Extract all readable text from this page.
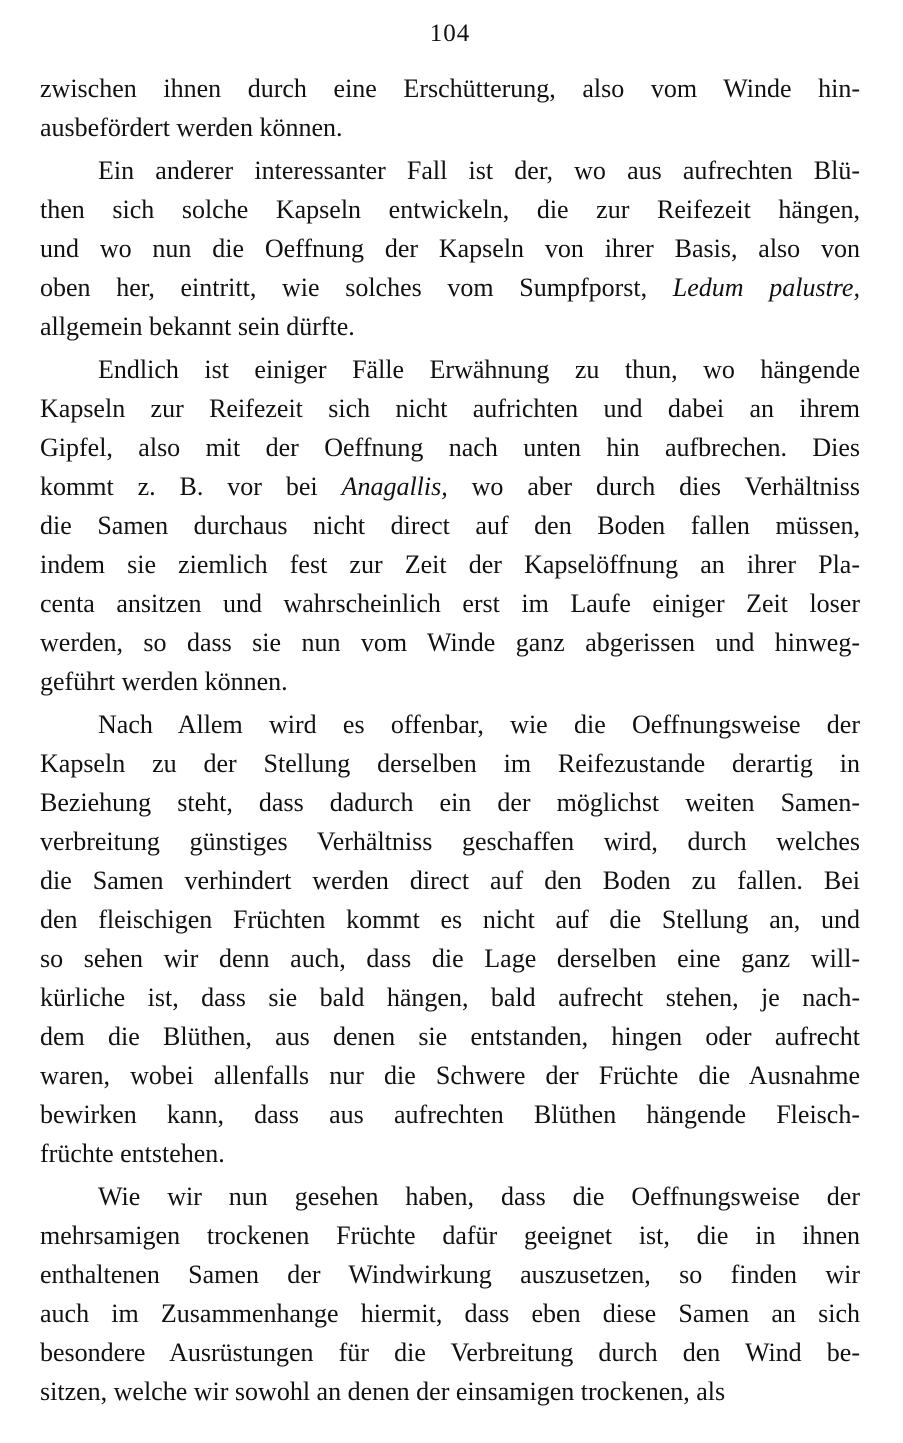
104
zwischen ihnen durch eine Erschütterung, also vom Winde hin-
ausbefördert werden können.
Ein anderer interessanter Fall ist der, wo aus aufrechten Blü-
then sich solche Kapseln entwickeln, die zur Reifezeit hängen,
und wo nun die Oeffnung der Kapseln von ihrer Basis, also von
oben her, eintritt, wie solches vom Sumpfporst, Ledum palustre,
allgemein bekannt sein dürfte.
Endlich ist einiger Fälle Erwähnung zu thun, wo hängende
Kapseln zur Reifezeit sich nicht aufrichten und dabei an ihrem
Gipfel, also mit der Oeffnung nach unten hin aufbrechen. Dies
kommt z. B. vor bei Anagallis, wo aber durch dies Verhältniss
die Samen durchaus nicht direct auf den Boden fallen müssen,
indem sie ziemlich fest zur Zeit der Kapselöffnung an ihrer Pla-
centa ansitzen und wahrscheinlich erst im Laufe einiger Zeit loser
werden, so dass sie nun vom Winde ganz abgerissen und hinweg-
geführt werden können.
Nach Allem wird es offenbar, wie die Oeffnungsweise der
Kapseln zu der Stellung derselben im Reifezustande derartig in
Beziehung steht, dass dadurch ein der möglichst weiten Samen-
verbreitung günstiges Verhältniss geschaffen wird, durch welches
die Samen verhindert werden direct auf den Boden zu fallen. Bei
den fleischigen Früchten kommt es nicht auf die Stellung an, und
so sehen wir denn auch, dass die Lage derselben eine ganz will-
kürliche ist, dass sie bald hängen, bald aufrecht stehen, je nach-
dem die Blüthen, aus denen sie entstanden, hingen oder aufrecht
waren, wobei allenfalls nur die Schwere der Früchte die Ausnahme
bewirken kann, dass aus aufrechten Blüthen hängende Fleisch-
früchte entstehen.
Wie wir nun gesehen haben, dass die Oeffnungsweise der
mehrsamigen trockenen Früchte dafür geeignet ist, die in ihnen
enthaltenen Samen der Windwirkung auszusetzen, so finden wir
auch im Zusammenhange hiermit, dass eben diese Samen an sich
besondere Ausrüstungen für die Verbreitung durch den Wind be-
sitzen, welche wir sowohl an denen der einsamigen trockenen, als
